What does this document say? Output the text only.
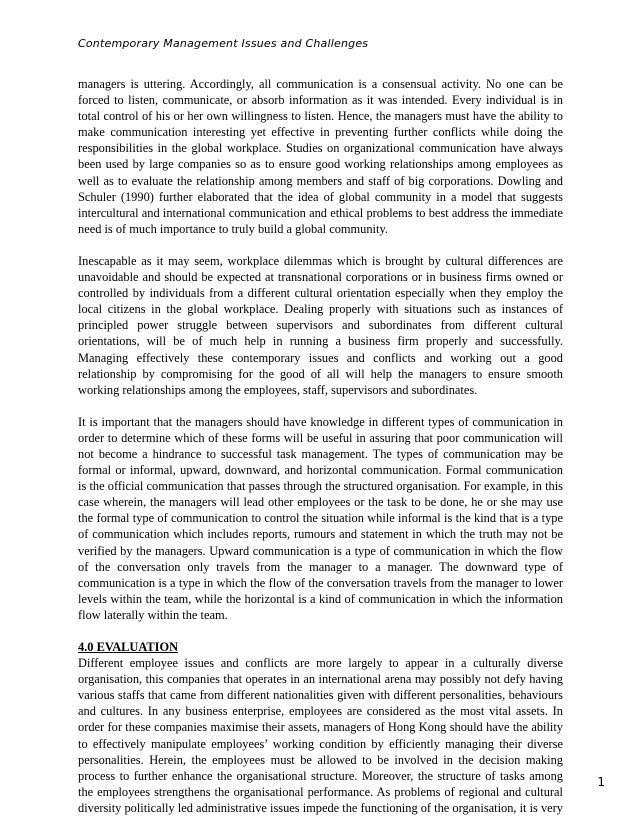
Contemporary Management Issues and Challenges

managers is uttering. Accordingly, all communication is a consensual activity. No one can be forced to listen, communicate, or absorb information as it was intended. Every individual is in total control of his or her own willingness to listen. Hence, the managers must have the ability to make communication interesting yet effective in preventing further conflicts while doing the responsibilities in the global workplace. Studies on organizational communication have always been used by large companies so as to ensure good working relationships among employees as well as to evaluate the relationship among members and staff of big corporations. Dowling and Schuler (1990) further elaborated that the idea of global community in a model that suggests intercultural and international communication and ethical problems to best address the immediate need is of much importance to truly build a global community.

Inescapable as it may seem, workplace dilemmas which is brought by cultural differences are unavoidable and should be expected at transnational corporations or in business firms owned or controlled by individuals from a different cultural orientation especially when they employ the local citizens in the global workplace. Dealing properly with situations such as instances of principled power struggle between supervisors and subordinates from different cultural orientations, will be of much help in running a business firm properly and successfully. Managing effectively these contemporary issues and conflicts and working out a good relationship by compromising for the good of all will help the managers to ensure smooth working relationships among the employees, staff, supervisors and subordinates.

It is important that the managers should have knowledge in different types of communication in order to determine which of these forms will be useful in assuring that poor communication will not become a hindrance to successful task management. The types of communication may be formal or informal, upward, downward, and horizontal communication. Formal communication is the official communication that passes through the structured organisation. For example, in this case wherein, the managers will lead other employees or the task to be done, he or she may use the formal type of communication to control the situation while informal is the kind that is a type of communication which includes reports, rumours and statement in which the truth may not be verified by the managers. Upward communication is a type of communication in which the flow of the conversation only travels from the manager to a manager. The downward type of communication is a type in which the flow of the conversation travels from the manager to lower levels within the team, while the horizontal is a kind of communication in which the information flow laterally within the team.

4.0 EVALUATION
Different employee issues and conflicts are more largely to appear in a culturally diverse organisation, this companies that operates in an international arena may possibly not defy having various staffs that came from different nationalities given with different personalities, behaviours and cultures. In any business enterprise, employees are considered as the most vital assets. In order for these companies maximise their assets, managers of Hong Kong should have the ability to effectively manipulate employees’ working condition by efficiently managing their diverse personalities. Herein, the employees must be allowed to be involved in the decision making process to further enhance the organisational structure. Moreover, the structure of tasks among the employees strengthens the organisational performance. As problems of regional and cultural diversity politically led administrative issues impede the functioning of the organisation, it is very
1
